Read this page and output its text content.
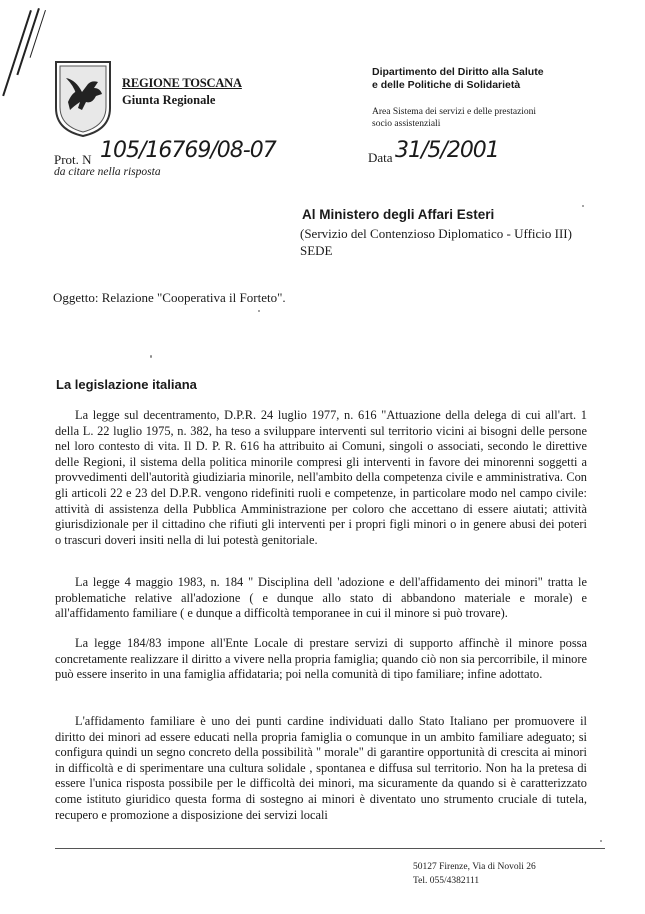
REGIONE TOSCANA
Giunta Regionale
Dipartimento del Diritto alla Salute
e delle Politiche di Solidarietà
Area Sistema dei servizi e delle prestazioni
socio assistenziali
Prot. N 105/16769/08-07
da citare nella risposta
Data 31/5/2001
Al Ministero degli Affari Esteri
(Servizio del Contenzioso Diplomatico - Ufficio III)
SEDE
Oggetto: Relazione "Cooperativa il Forteto".
La legislazione italiana
La legge sul decentramento, D.P.R. 24 luglio 1977, n. 616 "Attuazione della delega di cui all'art. 1 della L. 22 luglio 1975, n. 382, ha teso a sviluppare interventi sul territorio vicini ai bisogni delle persone nel loro contesto di vita. Il D. P. R. 616 ha attribuito ai Comuni, singoli o associati, secondo le direttive delle Regioni, il sistema della politica minorile compresi gli interventi in favore dei minorenni soggetti a provvedimenti dell'autorità giudiziaria minorile, nell'ambito della competenza civile e amministrativa. Con gli articoli 22 e 23 del D.P.R. vengono ridefiniti ruoli e competenze, in particolare modo nel campo civile: attività di assistenza della Pubblica Amministrazione per coloro che accettano di essere aiutati; attività giurisdizionale per il cittadino che rifiuti gli interventi per i propri figli minori o in genere abusi dei poteri o trascuri doveri insiti nella di lui potestà genitoriale.
La legge 4 maggio 1983, n. 184 " Disciplina dell 'adozione e dell'affidamento dei minori" tratta le problematiche relative all'adozione ( e dunque allo stato di abbandono materiale e morale) e all'affidamento familiare ( e dunque a difficoltà temporanee in cui il minore si può trovare).
La legge 184/83 impone all'Ente Locale di prestare servizi di supporto affinchè il minore possa concretamente realizzare il diritto a vivere nella propria famiglia; quando ciò non sia percorribile, il minore può essere inserito in una famiglia affidataria; poi nella comunità di tipo familiare; infine adottato.
L'affidamento familiare è uno dei punti cardine individuati dallo Stato Italiano per promuovere il diritto dei minori ad essere educati nella propria famiglia o comunque in un ambito familiare adeguato; si configura quindi un segno concreto della possibilità " morale" di garantire opportunità di crescita ai minori in difficoltà e di sperimentare una cultura solidale , spontanea e diffusa sul territorio. Non ha la pretesa di essere l'unica risposta possibile per le difficoltà dei minori, ma sicuramente da quando si è caratterizzato come istituto giuridico questa forma di sostegno ai minori è diventato uno strumento cruciale di tutela, recupero e promozione a disposizione dei servizi locali
50127 Firenze, Via di Novoli 26
Tel. 055/4382111
